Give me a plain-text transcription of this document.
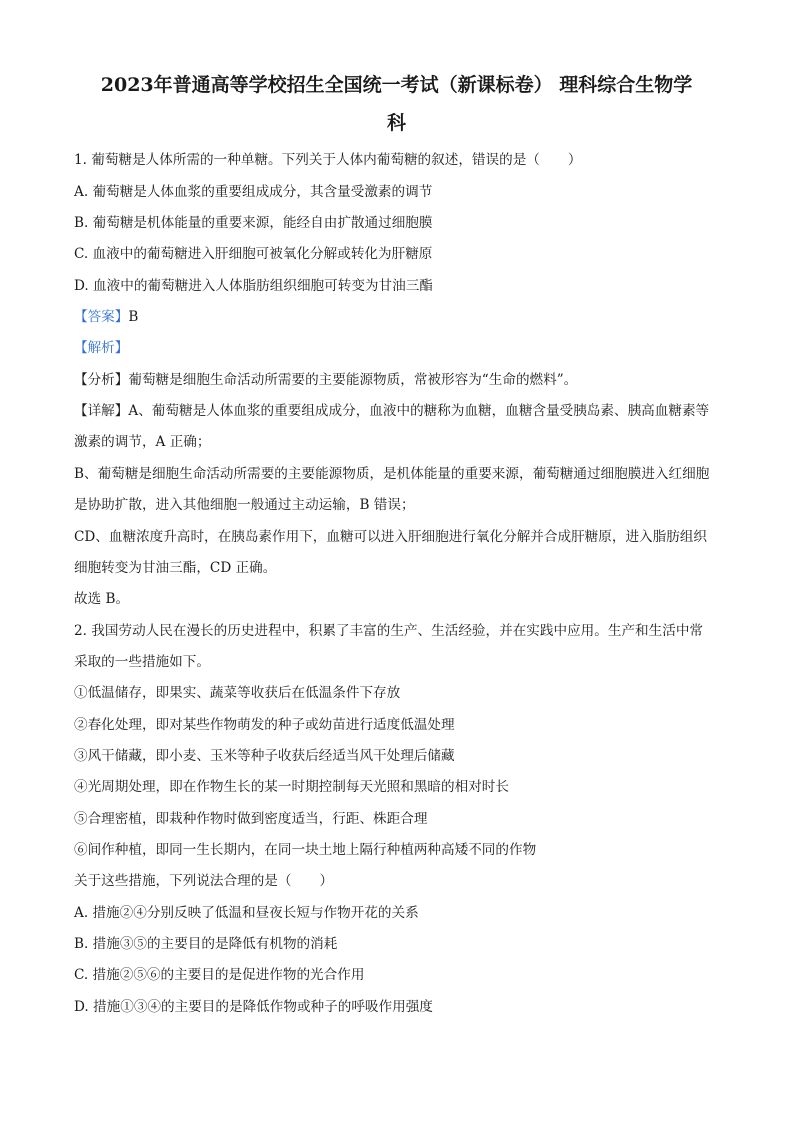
2023年普通高等学校招生全国统一考试（新课标卷） 理科综合生物学
科

1. 葡萄糖是人体所需的一种单糖。下列关于人体内葡萄糖的叙述，错误的是（ ）

A. 葡萄糖是人体血浆的重要组成成分，其含量受激素的调节

B. 葡萄糖是机体能量的重要来源，能经自由扩散通过细胞膜

C. 血液中的葡萄糖进入肝细胞可被氧化分解或转化为肝糖原

D. 血液中的葡萄糖进入人体脂肪组织细胞可转变为甘油三酯

【答案】B

【解析】

【分析】葡萄糖是细胞生命活动所需要的主要能源物质，常被形容为“生命的燃料”。

【详解】A、葡萄糖是人体血浆的重要组成成分，血液中的糖称为血糖，血糖含量受胰岛素、胰高血糖素等

激素的调节，A 正确；

B、葡萄糖是细胞生命活动所需要的主要能源物质，是机体能量的重要来源，葡萄糖通过细胞膜进入红细胞

是协助扩散，进入其他细胞一般通过主动运输，B 错误；

CD、血糖浓度升高时，在胰岛素作用下，血糖可以进入肝细胞进行氧化分解并合成肝糖原，进入脂肪组织

细胞转变为甘油三酯，CD 正确。

故选 B。

2. 我国劳动人民在漫长的历史进程中，积累了丰富的生产、生活经验，并在实践中应用。生产和生活中常

采取的一些措施如下。

①低温储存，即果实、蔬菜等收获后在低温条件下存放

②春化处理，即对某些作物萌发的种子或幼苗进行适度低温处理

③风干储藏，即小麦、玉米等种子收获后经适当风干处理后储藏

④光周期处理，即在作物生长的某一时期控制每天光照和黑暗的相对时长

⑤合理密植，即栽种作物时做到密度适当，行距、株距合理

⑥间作种植，即同一生长期内，在同一块土地上隔行种植两种高矮不同的作物

关于这些措施，下列说法合理的是（ ）

A. 措施②④分别反映了低温和昼夜长短与作物开花的关系

B. 措施③⑤的主要目的是降低有机物的消耗

C. 措施②⑤⑥的主要目的是促进作物的光合作用

D. 措施①③④的主要目的是降低作物或种子的呼吸作用强度
